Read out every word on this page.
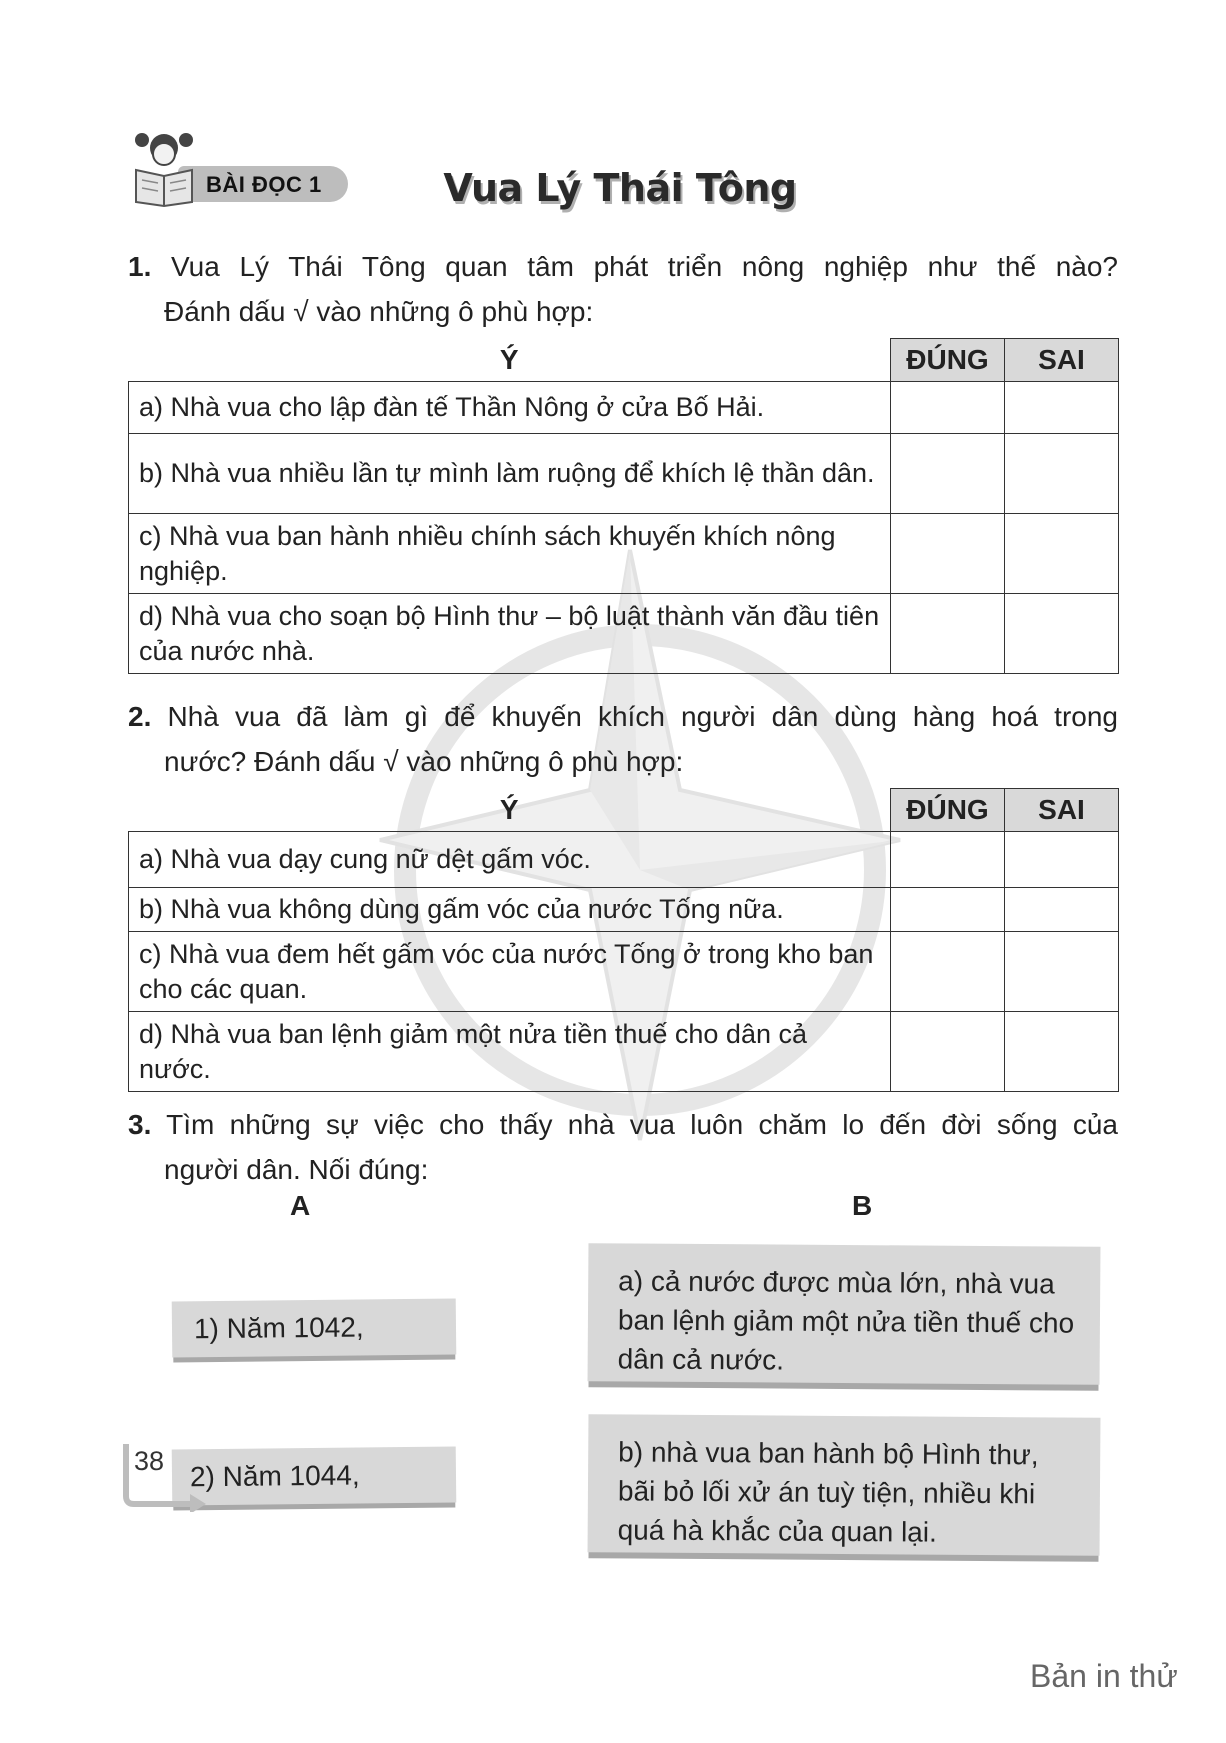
BÀI ĐỌC 1	Vua Lý Thái Tông
1. Vua Lý Thái Tông quan tâm phát triển nông nghiệp như thế nào?
Đánh dấu √ vào những ô phù hợp:
Ý	ĐÚNG	SAI
a) Nhà vua cho lập đàn tế Thần Nông ở cửa Bố Hải.		
b) Nhà vua nhiều lần tự mình làm ruộng để khích lệ thần dân.		
c) Nhà vua ban hành nhiều chính sách khuyến khích nông nghiệp.		
d) Nhà vua cho soạn bộ Hình thư – bộ luật thành văn đầu tiên của nước nhà.		
2. Nhà vua đã làm gì để khuyến khích người dân dùng hàng hoá trong
nước? Đánh dấu √ vào những ô phù hợp:
Ý	ĐÚNG	SAI
a) Nhà vua dạy cung nữ dệt gấm vóc.		
b) Nhà vua không dùng gấm vóc của nước Tống nữa.		
c) Nhà vua đem hết gấm vóc của nước Tống ở trong kho ban cho các quan.		
d) Nhà vua ban lệnh giảm một nửa tiền thuế cho dân cả nước.		
3. Tìm những sự việc cho thấy nhà vua luôn chăm lo đến đời sống của
người dân. Nối đúng:
A	B
1) Năm 1042,
2) Năm 1044,
a) cả nước được mùa lớn, nhà vua ban lệnh giảm một nửa tiền thuế cho dân cả nước.
b) nhà vua ban hành bộ Hình thư, bãi bỏ lối xử án tuỳ tiện, nhiều khi quá hà khắc của quan lại.
38
Bản in thử
